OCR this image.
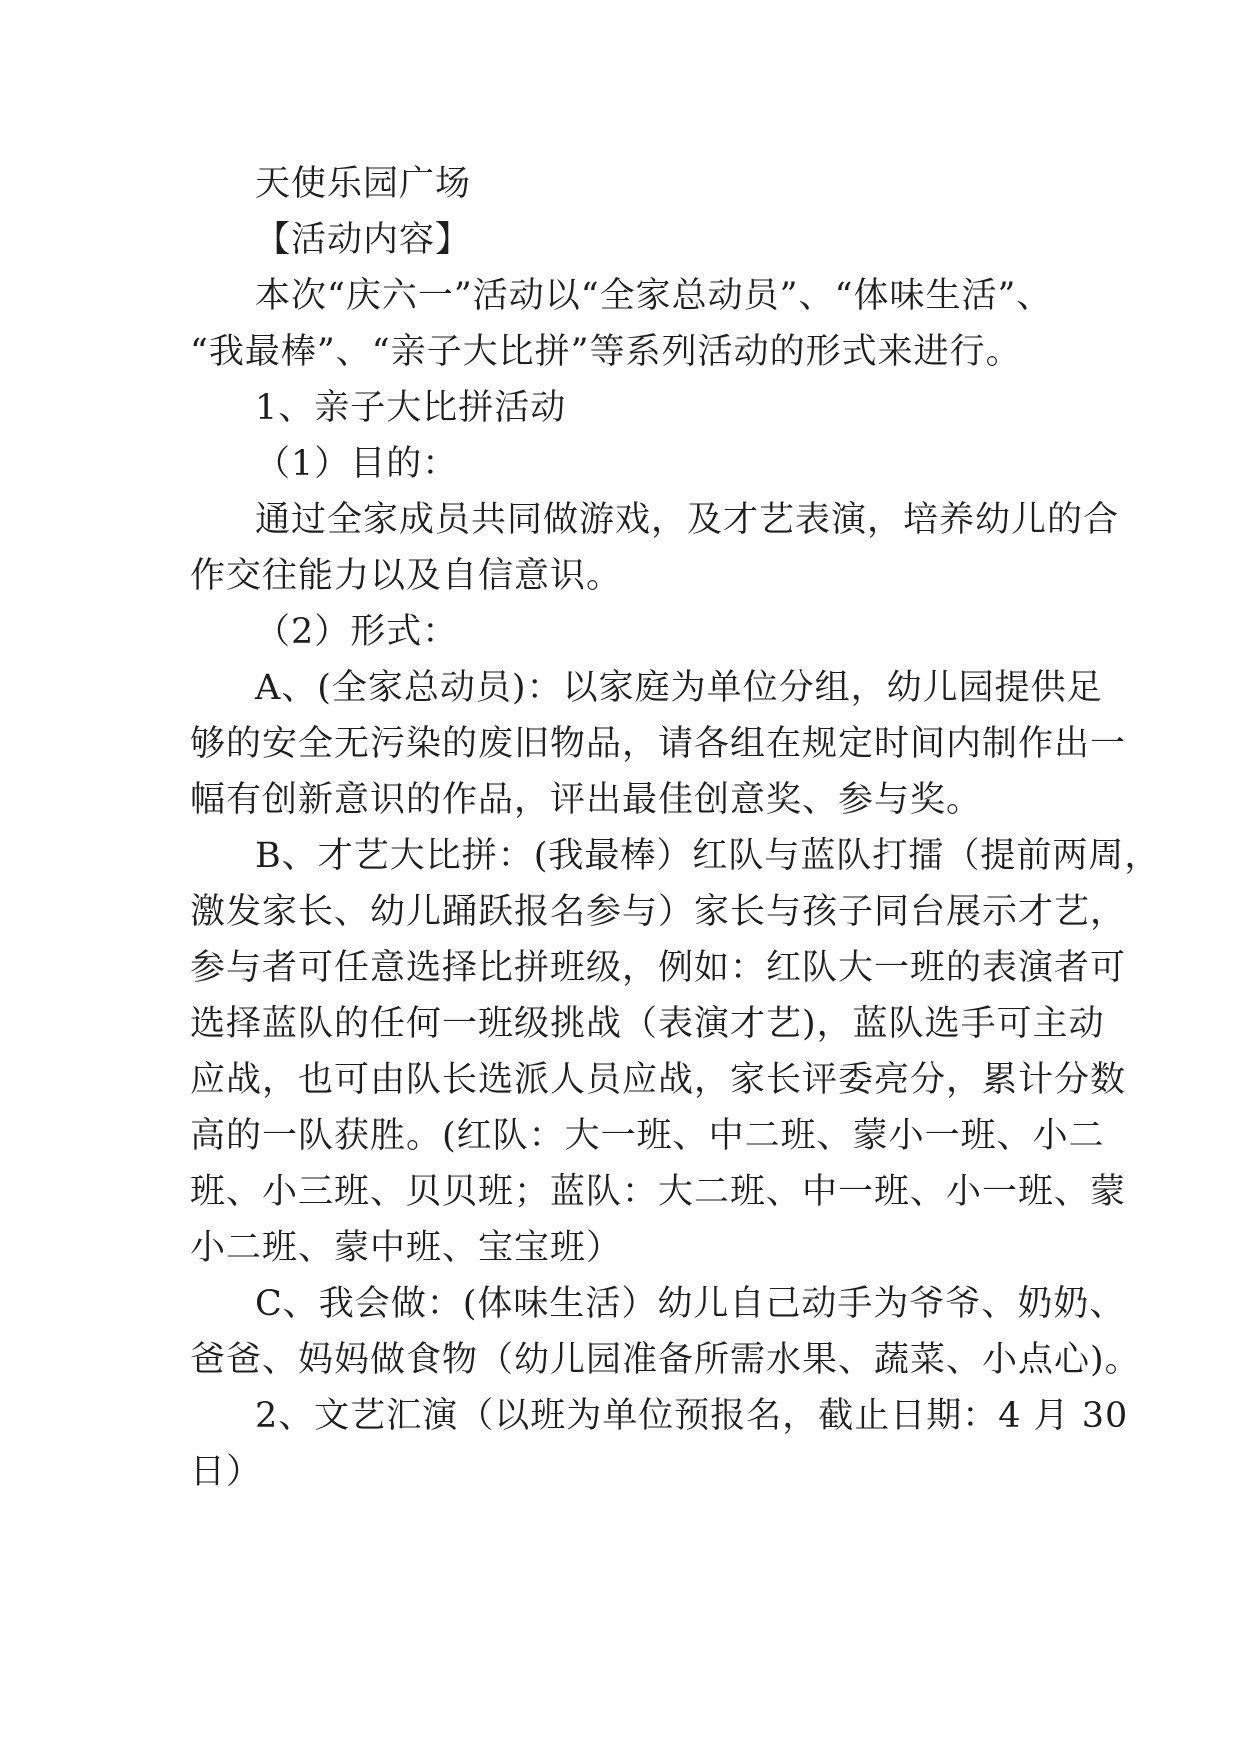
天使乐园广场

【活动内容】

本次“庆六一”活动以“全家总动员”、“体味生活”、

“我最棒”、“亲子大比拼”等系列活动的形式来进行。

1、亲子大比拼活动

（1）目的：

通过全家成员共同做游戏，及才艺表演，培养幼儿的合

作交往能力以及自信意识。

（2）形式：

A、(全家总动员)：以家庭为单位分组，幼儿园提供足

够的安全无污染的废旧物品，请各组在规定时间内制作出一

幅有创新意识的作品，评出最佳创意奖、参与奖。

B、才艺大比拼：(我最棒）红队与蓝队打擂（提前两周，

激发家长、幼儿踊跃报名参与）家长与孩子同台展示才艺，

参与者可任意选择比拼班级，例如：红队大一班的表演者可

选择蓝队的任何一班级挑战（表演才艺)，蓝队选手可主动

应战，也可由队长选派人员应战，家长评委亮分，累计分数

高的一队获胜。(红队：大一班、中二班、蒙小一班、小二

班、小三班、贝贝班；蓝队：大二班、中一班、小一班、蒙

小二班、蒙中班、宝宝班）

C、我会做：(体味生活）幼儿自己动手为爷爷、奶奶、

爸爸、妈妈做食物（幼儿园准备所需水果、蔬菜、小点心)。

2、文艺汇演（以班为单位预报名，截止日期：4 月 30

日）
